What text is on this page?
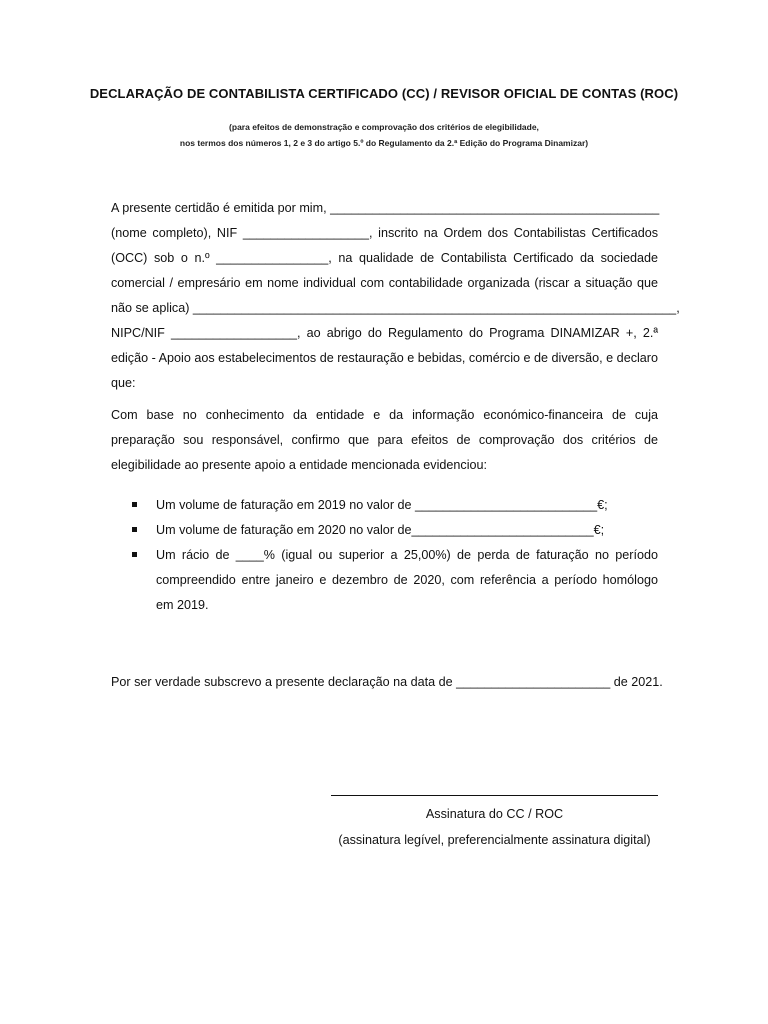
DECLARAÇÃO DE CONTABILISTA CERTIFICADO (CC) / REVISOR OFICIAL DE CONTAS (ROC)
(para efeitos de demonstração e comprovação dos critérios de elegibilidade,
nos termos dos números 1, 2 e 3 do artigo 5.º do Regulamento da 2.ª Edição do Programa Dinamizar)
A presente certidão é emitida por mim, _______________________________________________
(nome completo), NIF __________________, inscrito na Ordem dos Contabilistas Certificados
(OCC) sob o n.º ________________, na qualidade de Contabilista Certificado da sociedade
comercial / empresário em nome individual com contabilidade organizada (riscar a situação que
não se aplica) _____________________________________________________________________,
NIPC/NIF __________________, ao abrigo do Regulamento do Programa DINAMIZAR +, 2.ª
edição - Apoio aos estabelecimentos de restauração e bebidas, comércio e de diversão, e declaro
que:
Com base no conhecimento da entidade e da informação económico-financeira de cuja
preparação sou responsável, confirmo que para efeitos de comprovação dos critérios de
elegibilidade ao presente apoio a entidade mencionada evidenciou:
Um volume de faturação em 2019 no valor de __________________________€;
Um volume de faturação em 2020 no valor de__________________________€;
Um rácio de ____% (igual ou superior a 25,00%) de perda de faturação no período
compreendido entre janeiro e dezembro de 2020, com referência a período homólogo
em 2019.
Por ser verdade subscrevo a presente declaração na data de ______________________ de 2021.
Assinatura do CC / ROC
(assinatura legível, preferencialmente assinatura digital)
